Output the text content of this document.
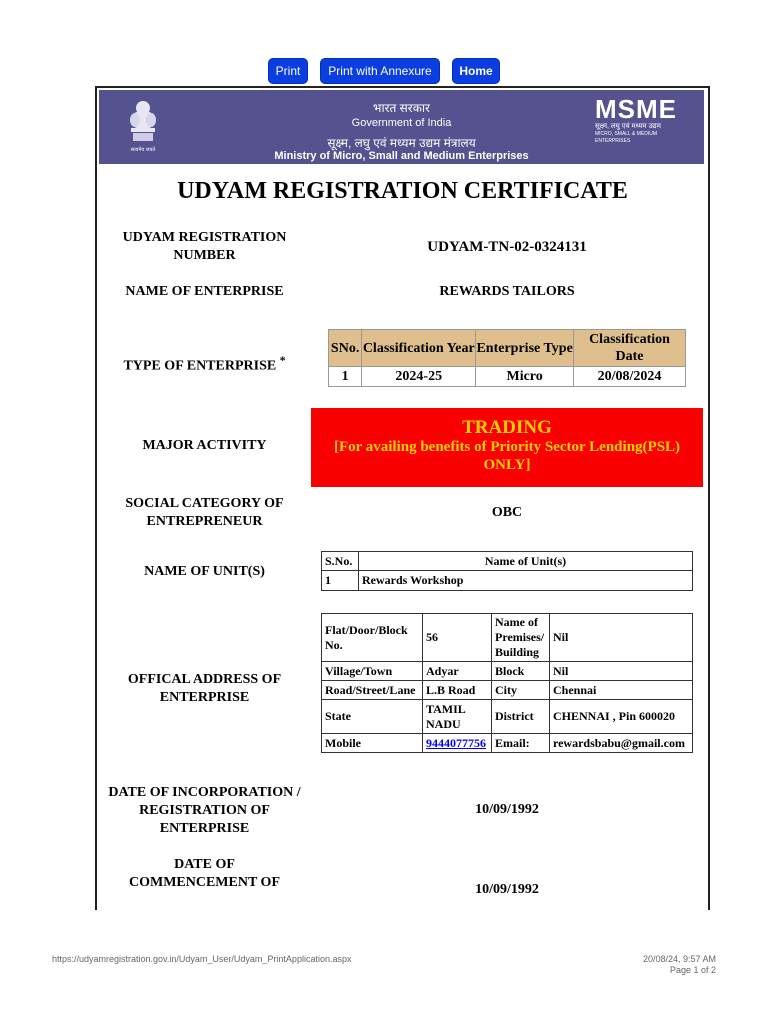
Print	Print with Annexure	Home
सत्यमेव जयते
भारत सरकार
Government of India
सूक्ष्म, लघु एवं मध्यम उद्यम मंत्रालय
Ministry of Micro, Small and Medium Enterprises
MSME
सूक्ष्म, लघु एवं मध्यम उद्यम
MICRO, SMALL & MEDIUM ENTERPRISES
UDYAM REGISTRATION CERTIFICATE
UDYAM REGISTRATION NUMBER
UDYAM-TN-02-0324131
NAME OF ENTERPRISE	REWARDS TAILORS
TYPE OF ENTERPRISE *
SNo.	Classification Year	Enterprise Type	Classification Date
1	2024-25	Micro	20/08/2024
MAJOR ACTIVITY
TRADING
[For availing benefits of Priority Sector Lending(PSL) ONLY]
SOCIAL CATEGORY OF ENTREPRENEUR
OBC
NAME OF UNIT(S)
S.No.	Name of Unit(s)
1	Rewards Workshop
OFFICAL ADDRESS OF ENTERPRISE
Flat/Door/Block No.	56	Name of Premises/ Building	Nil
Village/Town	Adyar	Block	Nil
Road/Street/Lane	L.B Road	City	Chennai
State	TAMIL NADU	District	CHENNAI , Pin 600020
Mobile	9444077756	Email:	rewardsbabu@gmail.com
DATE OF INCORPORATION / REGISTRATION OF ENTERPRISE
10/09/1992
DATE OF COMMENCEMENT OF	10/09/1992
https://udyamregistration.gov.in/Udyam_User/Udyam_PrintApplication.aspx	20/08/24, 9:57 AM
Page 1 of 2
